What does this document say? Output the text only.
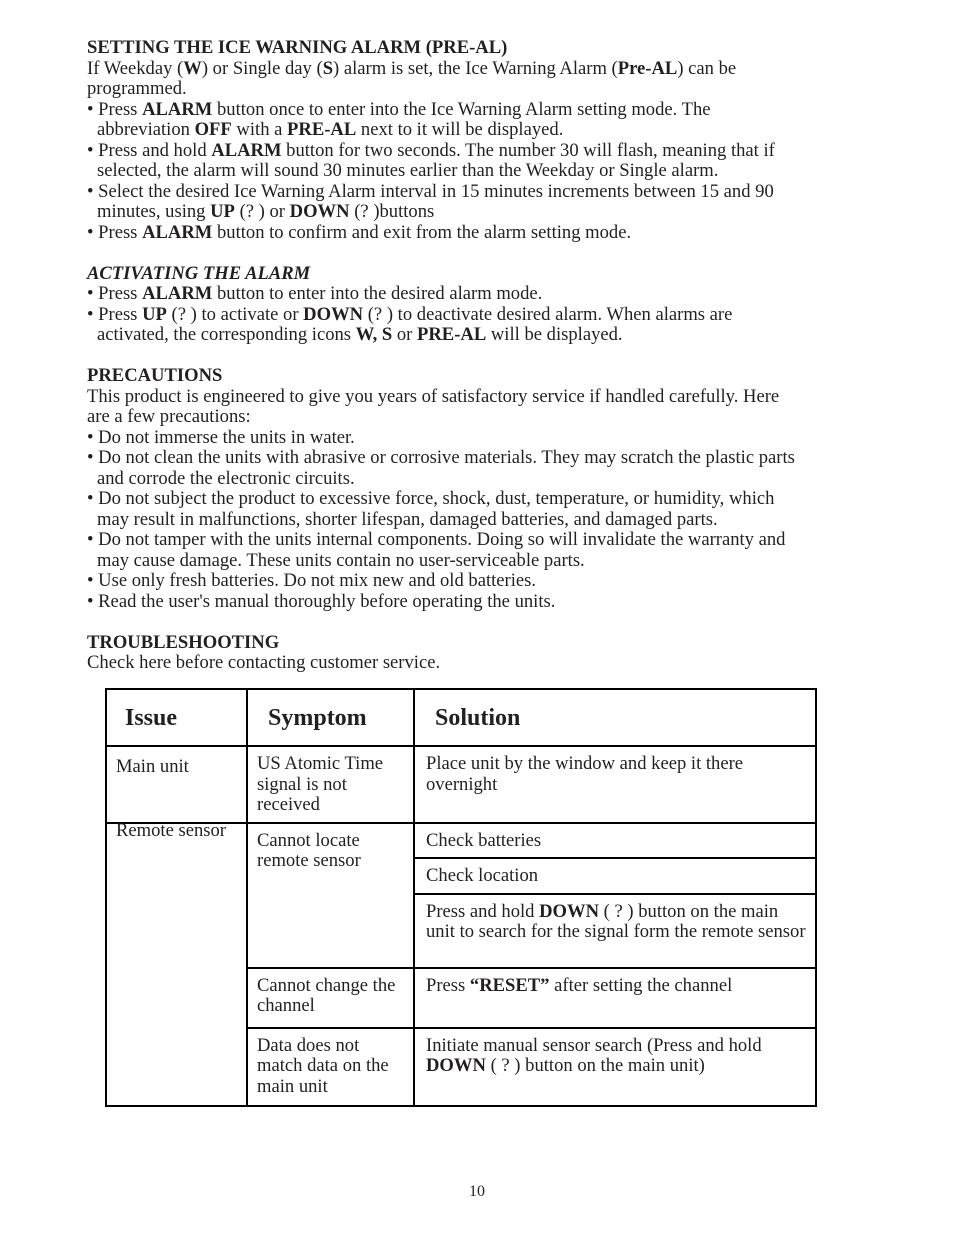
SETTING THE ICE WARNING ALARM (PRE-AL)
If Weekday (W) or Single day (S) alarm is set, the Ice Warning Alarm (Pre-AL) can be
programmed.
• Press ALARM button once to enter into the Ice Warning Alarm setting mode. The
abbreviation OFF with a PRE-AL next to it will be displayed.
• Press and hold ALARM button for two seconds. The number 30 will flash, meaning that if
selected, the alarm will sound 30 minutes earlier than the Weekday or Single alarm.
• Select the desired Ice Warning Alarm interval in 15 minutes increments between 15 and 90
minutes, using UP (? ) or DOWN (? )buttons
• Press ALARM button to confirm and exit from the alarm setting mode.
ACTIVATING THE ALARM
• Press ALARM button to enter into the desired alarm mode.
• Press UP (? ) to activate or DOWN (? ) to deactivate desired alarm. When alarms are
activated, the corresponding icons W, S or PRE-AL will be displayed.
PRECAUTIONS
This product is engineered to give you years of satisfactory service if handled carefully. Here
are a few precautions:
• Do not immerse the units in water.
• Do not clean the units with abrasive or corrosive materials. They may scratch the plastic parts
and corrode the electronic circuits.
• Do not subject the product to excessive force, shock, dust, temperature, or humidity, which
may result in malfunctions, shorter lifespan, damaged batteries, and damaged parts.
• Do not tamper with the units internal components. Doing so will invalidate the warranty and
may cause damage. These units contain no user-serviceable parts.
• Use only fresh batteries. Do not mix new and old batteries.
• Read the user's manual thoroughly before operating the units.
TROUBLESHOOTING
Check here before contacting customer service.
Issue	Symptom	Solution

Main unit	US Atomic Time signal is not received	Place unit by the window and keep it there overnight

Remote sensor	Cannot locate remote sensor	Check batteries

		Check location

		Press and hold DOWN ( ? ) button on the main unit to search for the signal form the remote sensor

	Cannot change the channel	Press “RESET” after setting the channel

	Data does not match data on the main unit	Initiate manual sensor search (Press and hold DOWN ( ? ) button on the main unit)
10
